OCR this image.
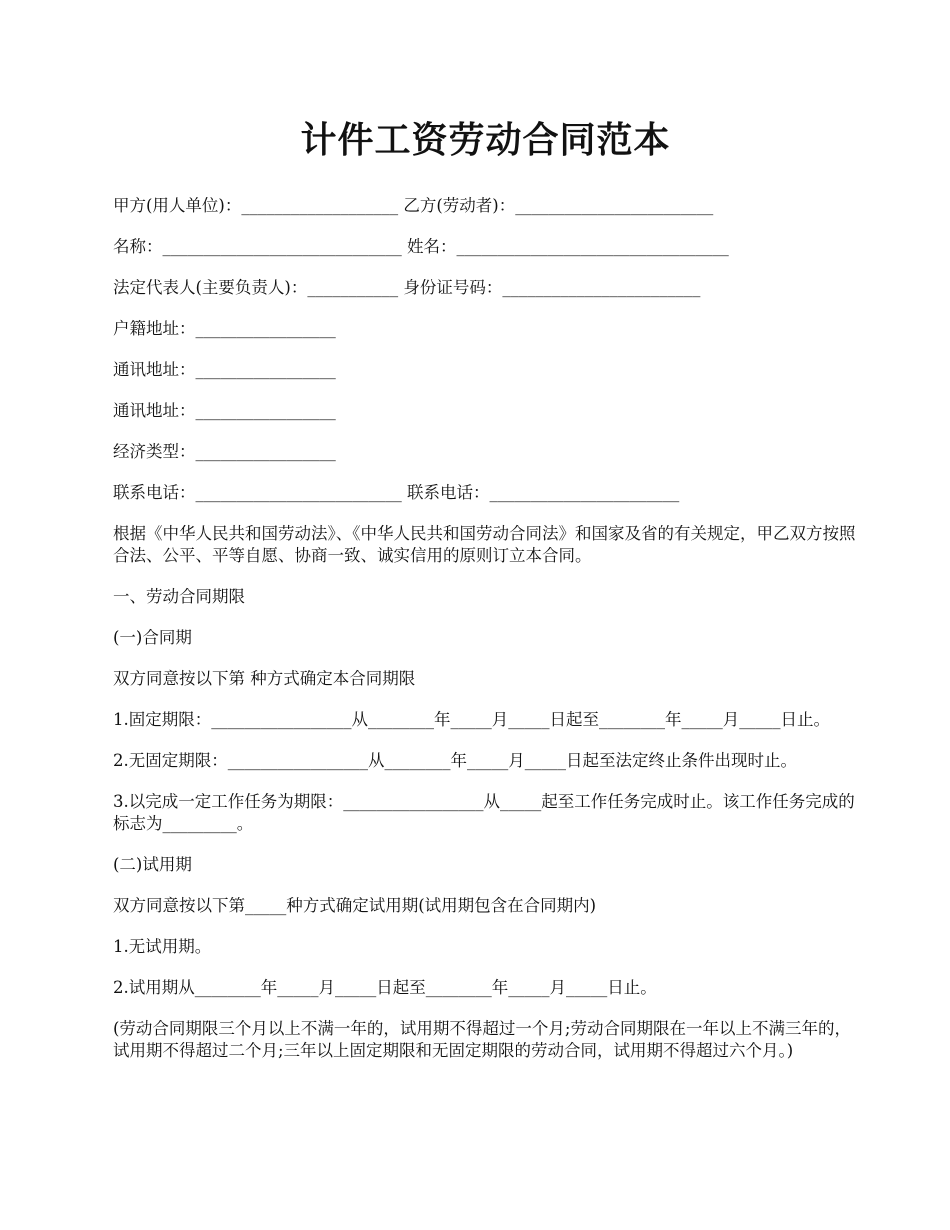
计件工资劳动合同范本
甲方(用人单位)：___________________ 乙方(劳动者)：________________________
名称：_____________________________ 姓名：_________________________________
法定代表人(主要负责人)：___________ 身份证号码：________________________
户籍地址：_________________
通讯地址：_________________
通讯地址：_________________
经济类型：_________________
联系电话：_________________________ 联系电话：_______________________
根据《中华人民共和国劳动法》、《中华人民共和国劳动合同法》和国家及省的有关规定，甲乙双方按照合法、公平、平等自愿、协商一致、诚实信用的原则订立本合同。
一、劳动合同期限
(一)合同期
双方同意按以下第 种方式确定本合同期限
1.固定期限：_________________从________年_____月_____日起至________年_____月_____日止。
2.无固定期限：_________________从________年_____月_____日起至法定终止条件出现时止。
3.以完成一定工作任务为期限：_________________从_____起至工作任务完成时止。该工作任务完成的标志为_________。
(二)试用期
双方同意按以下第_____种方式确定试用期(试用期包含在合同期内)
1.无试用期。
2.试用期从________年_____月_____日起至________年_____月_____日止。
(劳动合同期限三个月以上不满一年的，试用期不得超过一个月;劳动合同期限在一年以上不满三年的，试用期不得超过二个月;三年以上固定期限和无固定期限的劳动合同，试用期不得超过六个月。)
